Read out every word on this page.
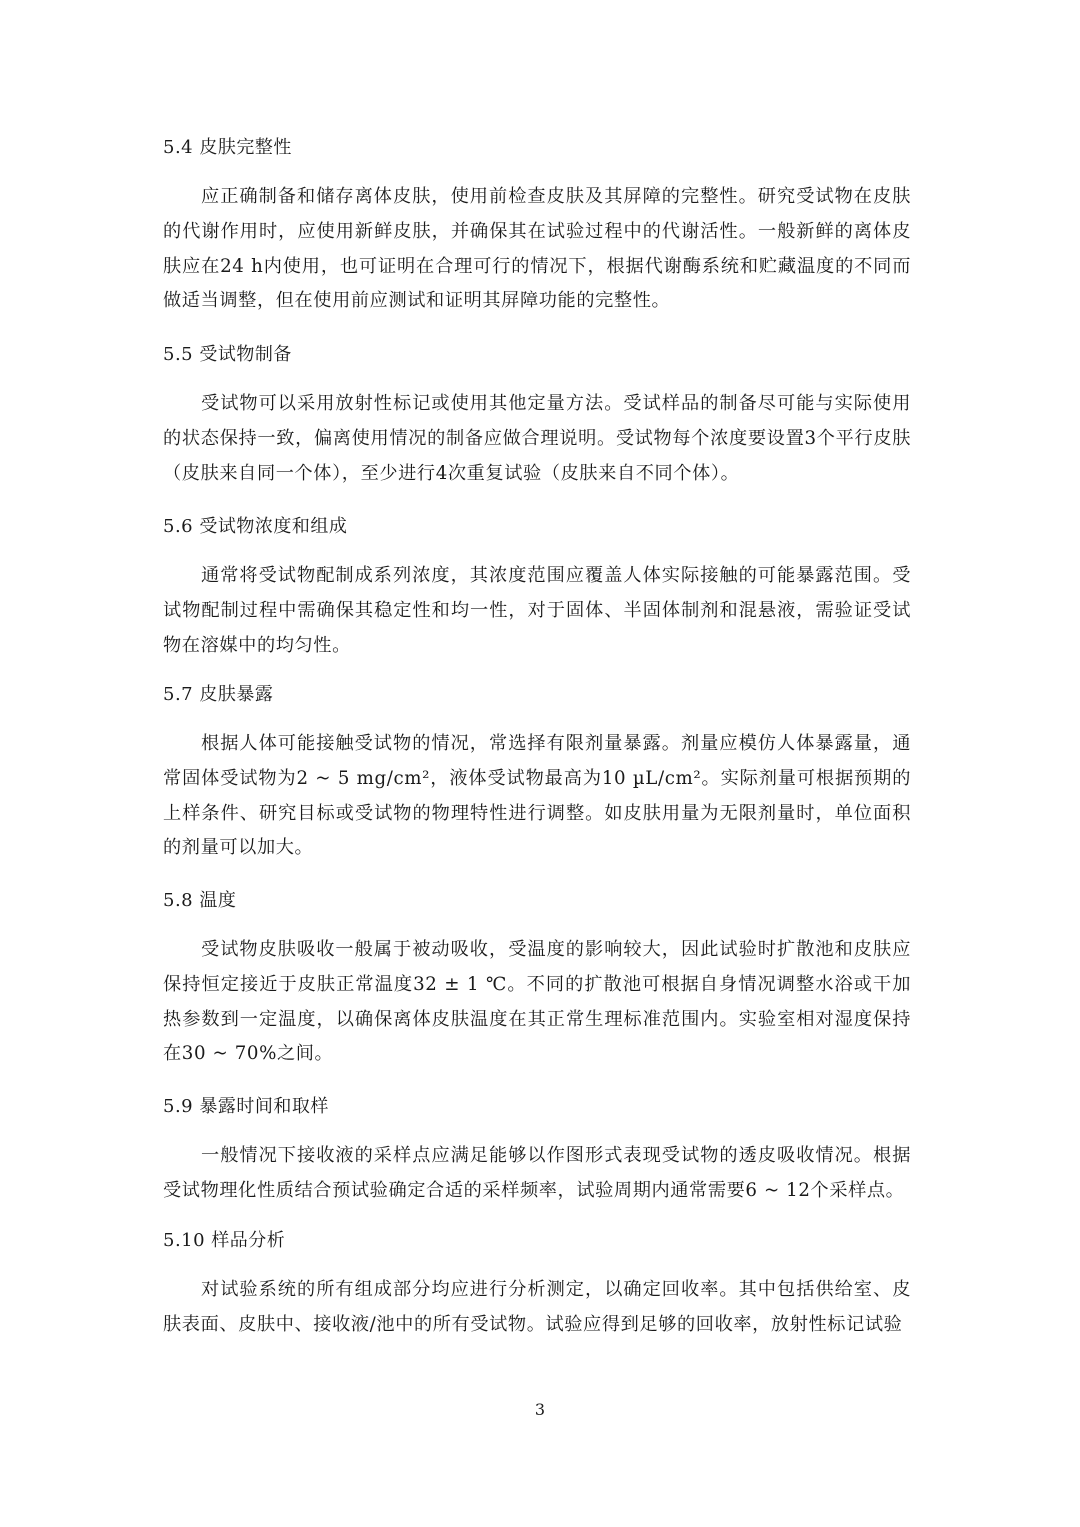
5.4 皮肤完整性

应正确制备和储存离体皮肤，使用前检查皮肤及其屏障的完整性。研究受试物在皮肤的代谢作用时，应使用新鲜皮肤，并确保其在试验过程中的代谢活性。一般新鲜的离体皮肤应在24 h内使用，也可证明在合理可行的情况下，根据代谢酶系统和贮藏温度的不同而做适当调整，但在使用前应测试和证明其屏障功能的完整性。

5.5 受试物制备

受试物可以采用放射性标记或使用其他定量方法。受试样品的制备尽可能与实际使用的状态保持一致，偏离使用情况的制备应做合理说明。受试物每个浓度要设置3个平行皮肤（皮肤来自同一个体），至少进行4次重复试验（皮肤来自不同个体）。

5.6 受试物浓度和组成

通常将受试物配制成系列浓度，其浓度范围应覆盖人体实际接触的可能暴露范围。受试物配制过程中需确保其稳定性和均一性，对于固体、半固体制剂和混悬液，需验证受试物在溶媒中的均匀性。

5.7 皮肤暴露

根据人体可能接触受试物的情况，常选择有限剂量暴露。剂量应模仿人体暴露量，通常固体受试物为2 ~ 5 mg/cm²，液体受试物最高为10 µL/cm²。实际剂量可根据预期的上样条件、研究目标或受试物的物理特性进行调整。如皮肤用量为无限剂量时，单位面积的剂量可以加大。

5.8 温度

受试物皮肤吸收一般属于被动吸收，受温度的影响较大，因此试验时扩散池和皮肤应保持恒定接近于皮肤正常温度32 ± 1 ℃。不同的扩散池可根据自身情况调整水浴或干加热参数到一定温度，以确保离体皮肤温度在其正常生理标准范围内。实验室相对湿度保持在30 ~ 70%之间。

5.9 暴露时间和取样

一般情况下接收液的采样点应满足能够以作图形式表现受试物的透皮吸收情况。根据受试物理化性质结合预试验确定合适的采样频率，试验周期内通常需要6 ~ 12个采样点。

5.10 样品分析

对试验系统的所有组成部分均应进行分析测定，以确定回收率。其中包括供给室、皮肤表面、皮肤中、接收液/池中的所有受试物。试验应得到足够的回收率，放射性标记试验

3
